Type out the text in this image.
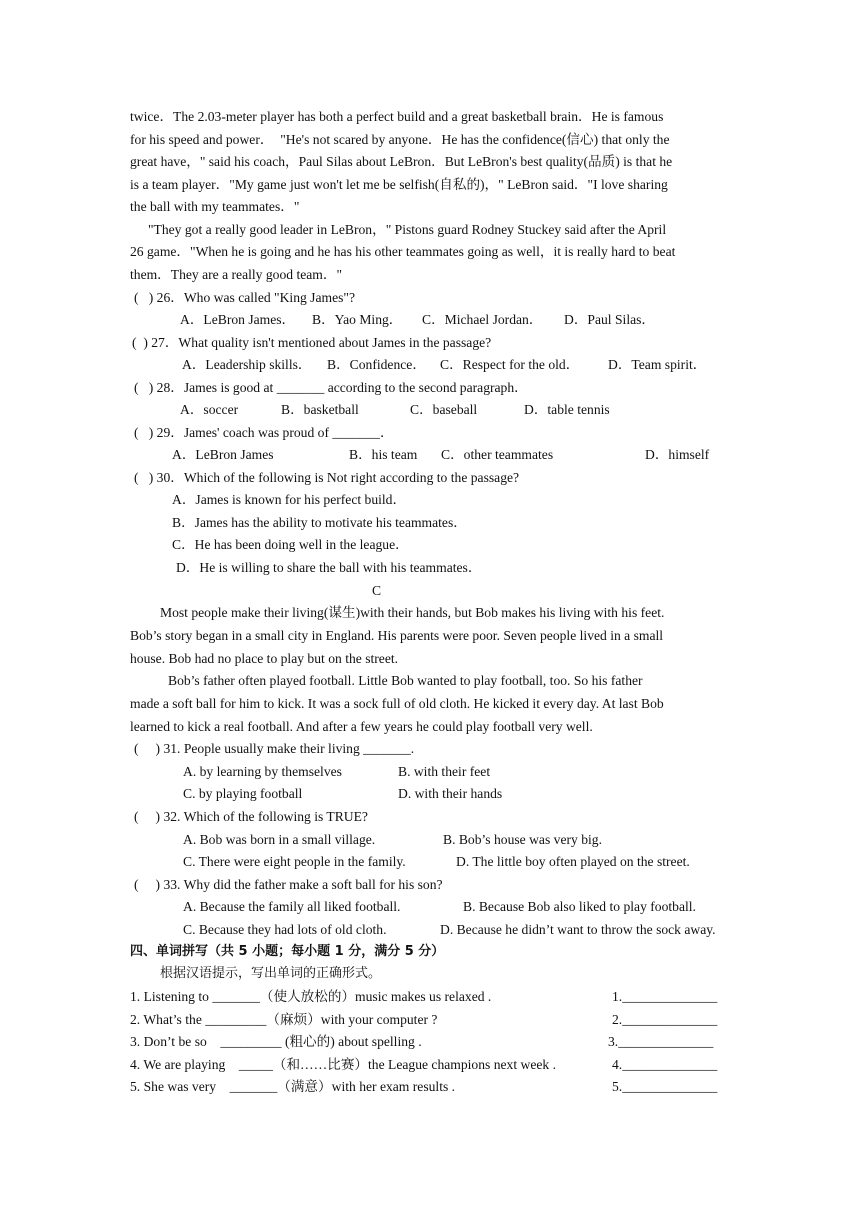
twice．The 2.03-meter player has both a perfect build and a great basketball brain．He is famous
for his speed and power．  "He's not scared by anyone．He has the confidence(信心) that only the
great have，" said his coach，Paul Silas about LeBron．But LeBron's best quality(品质) is that he
is a team player．"My game just won't let me be selfish(自私的)，" LeBron said．"I love sharing
the ball with my teammates．"
"They got a really good leader in LeBron，" Pistons guard Rodney Stuckey said after the April
26 game．"When he is going and he has his other teammates going as well，it is really hard to beat
them．They are a really good team．"
(   ) 26．Who was called "King James"?
A．LeBron James． B．Yao Ming． C．Michael Jordan． D．Paul Silas．
(  ) 27．What quality isn't mentioned about James in the passage?
A．Leadership skills． B．Confidence． C．Respect for the old． D．Team spirit．
(   ) 28．James is good at _______ according to the second paragraph．
A．soccer	B．basketball	C．baseball	D．table tennis
(   ) 29．James' coach was proud of _______．
A．LeBron James	B．his team C．other teammates	D．himself
(   ) 30．Which of the following is Not right according to the passage?
A．James is known for his perfect build．
B．James has the ability to motivate his teammates．
C．He has been doing well in the league．
D．He is willing to share the ball with his teammates．
C
Most people make their living(谋生)with their hands, but Bob makes his living with his feet.
Bob’s story began in a small city in England. His parents were poor. Seven people lived in a small
house. Bob had no place to play but on the street.
Bob’s father often played football. Little Bob wanted to play football, too. So his father
made a soft ball for him to kick. It was a sock full of old cloth. He kicked it every day. At last Bob
learned to kick a real football. And after a few years he could play football very well.
(     ) 31. People usually make their living _______.
A. by learning by themselves	B. with their feet
C. by playing football	D. with their hands
(     ) 32. Which of the following is TRUE?
A. Bob was born in a small village.	B. Bob’s house was very big.
C. There were eight people in the family.	D. The little boy often played on the street.
(     ) 33. Why did the father make a soft ball for his son?
A. Because the family all liked football.	B. Because Bob also liked to play football.
C. Because they had lots of old cloth.	D. Because he didn’t want to throw the sock away.
四、单词拼写（共 5 小题；每小题 1 分，满分 5 分）
根据汉语提示，写出单词的正确形式。
1. Listening to _______（使人放松的）music makes us relaxed .	1.______________
2. What’s the _________（麻烦）with your computer ?	2.______________
3. Don’t be so    _________ (粗心的) about spelling .	3.______________
4. We are playing    _____（和……比赛）the League champions next week .	4.______________
5. She was very    _______（满意）with her exam results .	5.______________
